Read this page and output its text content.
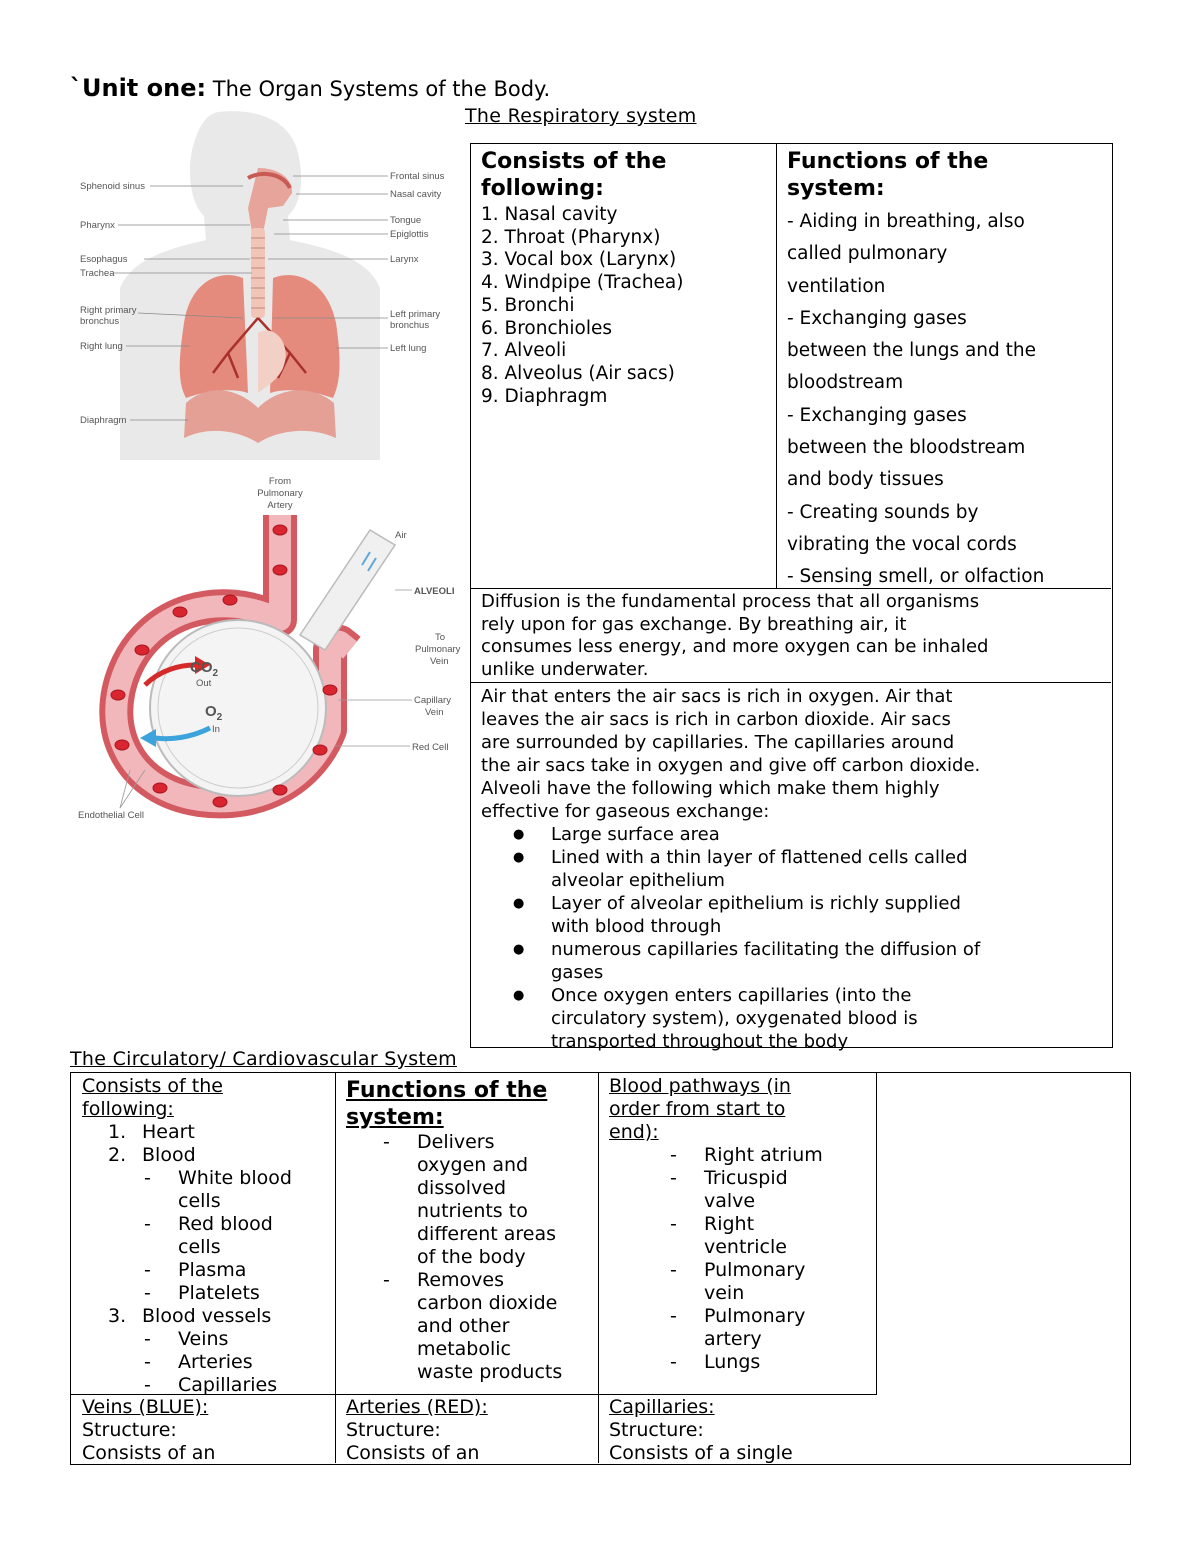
`Unit one: The Organ Systems of the Body.
The Respiratory system
Sphenoid sinus
Pharynx
Esophagus
Trachea
Right primary
bronchus
Right lung
Diaphragm
Frontal sinus
Nasal cavity
Tongue
Epiglottis
Larynx
Left primary
bronchus
Left lung
From
Pulmonary
Artery
Air
ALVEOLI
To
Pulmonary
Vein
Capillary
Vein
Red Cell
Endothelial Cell
$CO_2$
Out
$O_2$
In
Consists of the
following:
1. Nasal cavity
2. Throat (Pharynx)
3. Vocal box (Larynx)
4. Windpipe (Trachea)
5. Bronchi
6. Bronchioles
7. Alveoli
8. Alveolus (Air sacs)
9. Diaphragm
Functions of the
system:
- Aiding in breathing, also
called pulmonary
ventilation
- Exchanging gases
between the lungs and the
bloodstream
- Exchanging gases
between the bloodstream
and body tissues
- Creating sounds by
vibrating the vocal cords
- Sensing smell, or olfaction
Diffusion is the fundamental process that all organisms
rely upon for gas exchange. By breathing air, it
consumes less energy, and more oxygen can be inhaled
unlike underwater.
Air that enters the air sacs is rich in oxygen. Air that
leaves the air sacs is rich in carbon dioxide. Air sacs
are surrounded by capillaries. The capillaries around
the air sacs take in oxygen and give off carbon dioxide.
Alveoli have the following which make them highly
effective for gaseous exchange:
● Large surface area
● Lined with a thin layer of flattened cells called
alveolar epithelium
● Layer of alveolar epithelium is richly supplied
with blood through
● numerous capillaries facilitating the diffusion of
gases
● Once oxygen enters capillaries (into the
circulatory system), oxygenated blood is
transported throughout the body
The Circulatory/ Cardiovascular System
Consists of the
following:
1. Heart
2. Blood
- White blood
cells
- Red blood
cells
- Plasma
- Platelets
3. Blood vessels
- Veins
- Arteries
- Capillaries
Functions of the
system:
- Delivers
oxygen and
dissolved
nutrients to
different areas
of the body
- Removes
carbon dioxide
and other
metabolic
waste products
Blood pathways (in
order from start to
end):
- Right atrium
- Tricuspid
valve
- Right
ventricle
- Pulmonary
vein
- Pulmonary
artery
- Lungs
Veins (BLUE):
Structure:
Consists of an
Arteries (RED):
Structure:
Consists of an
Capillaries:
Structure:
Consists of a single
